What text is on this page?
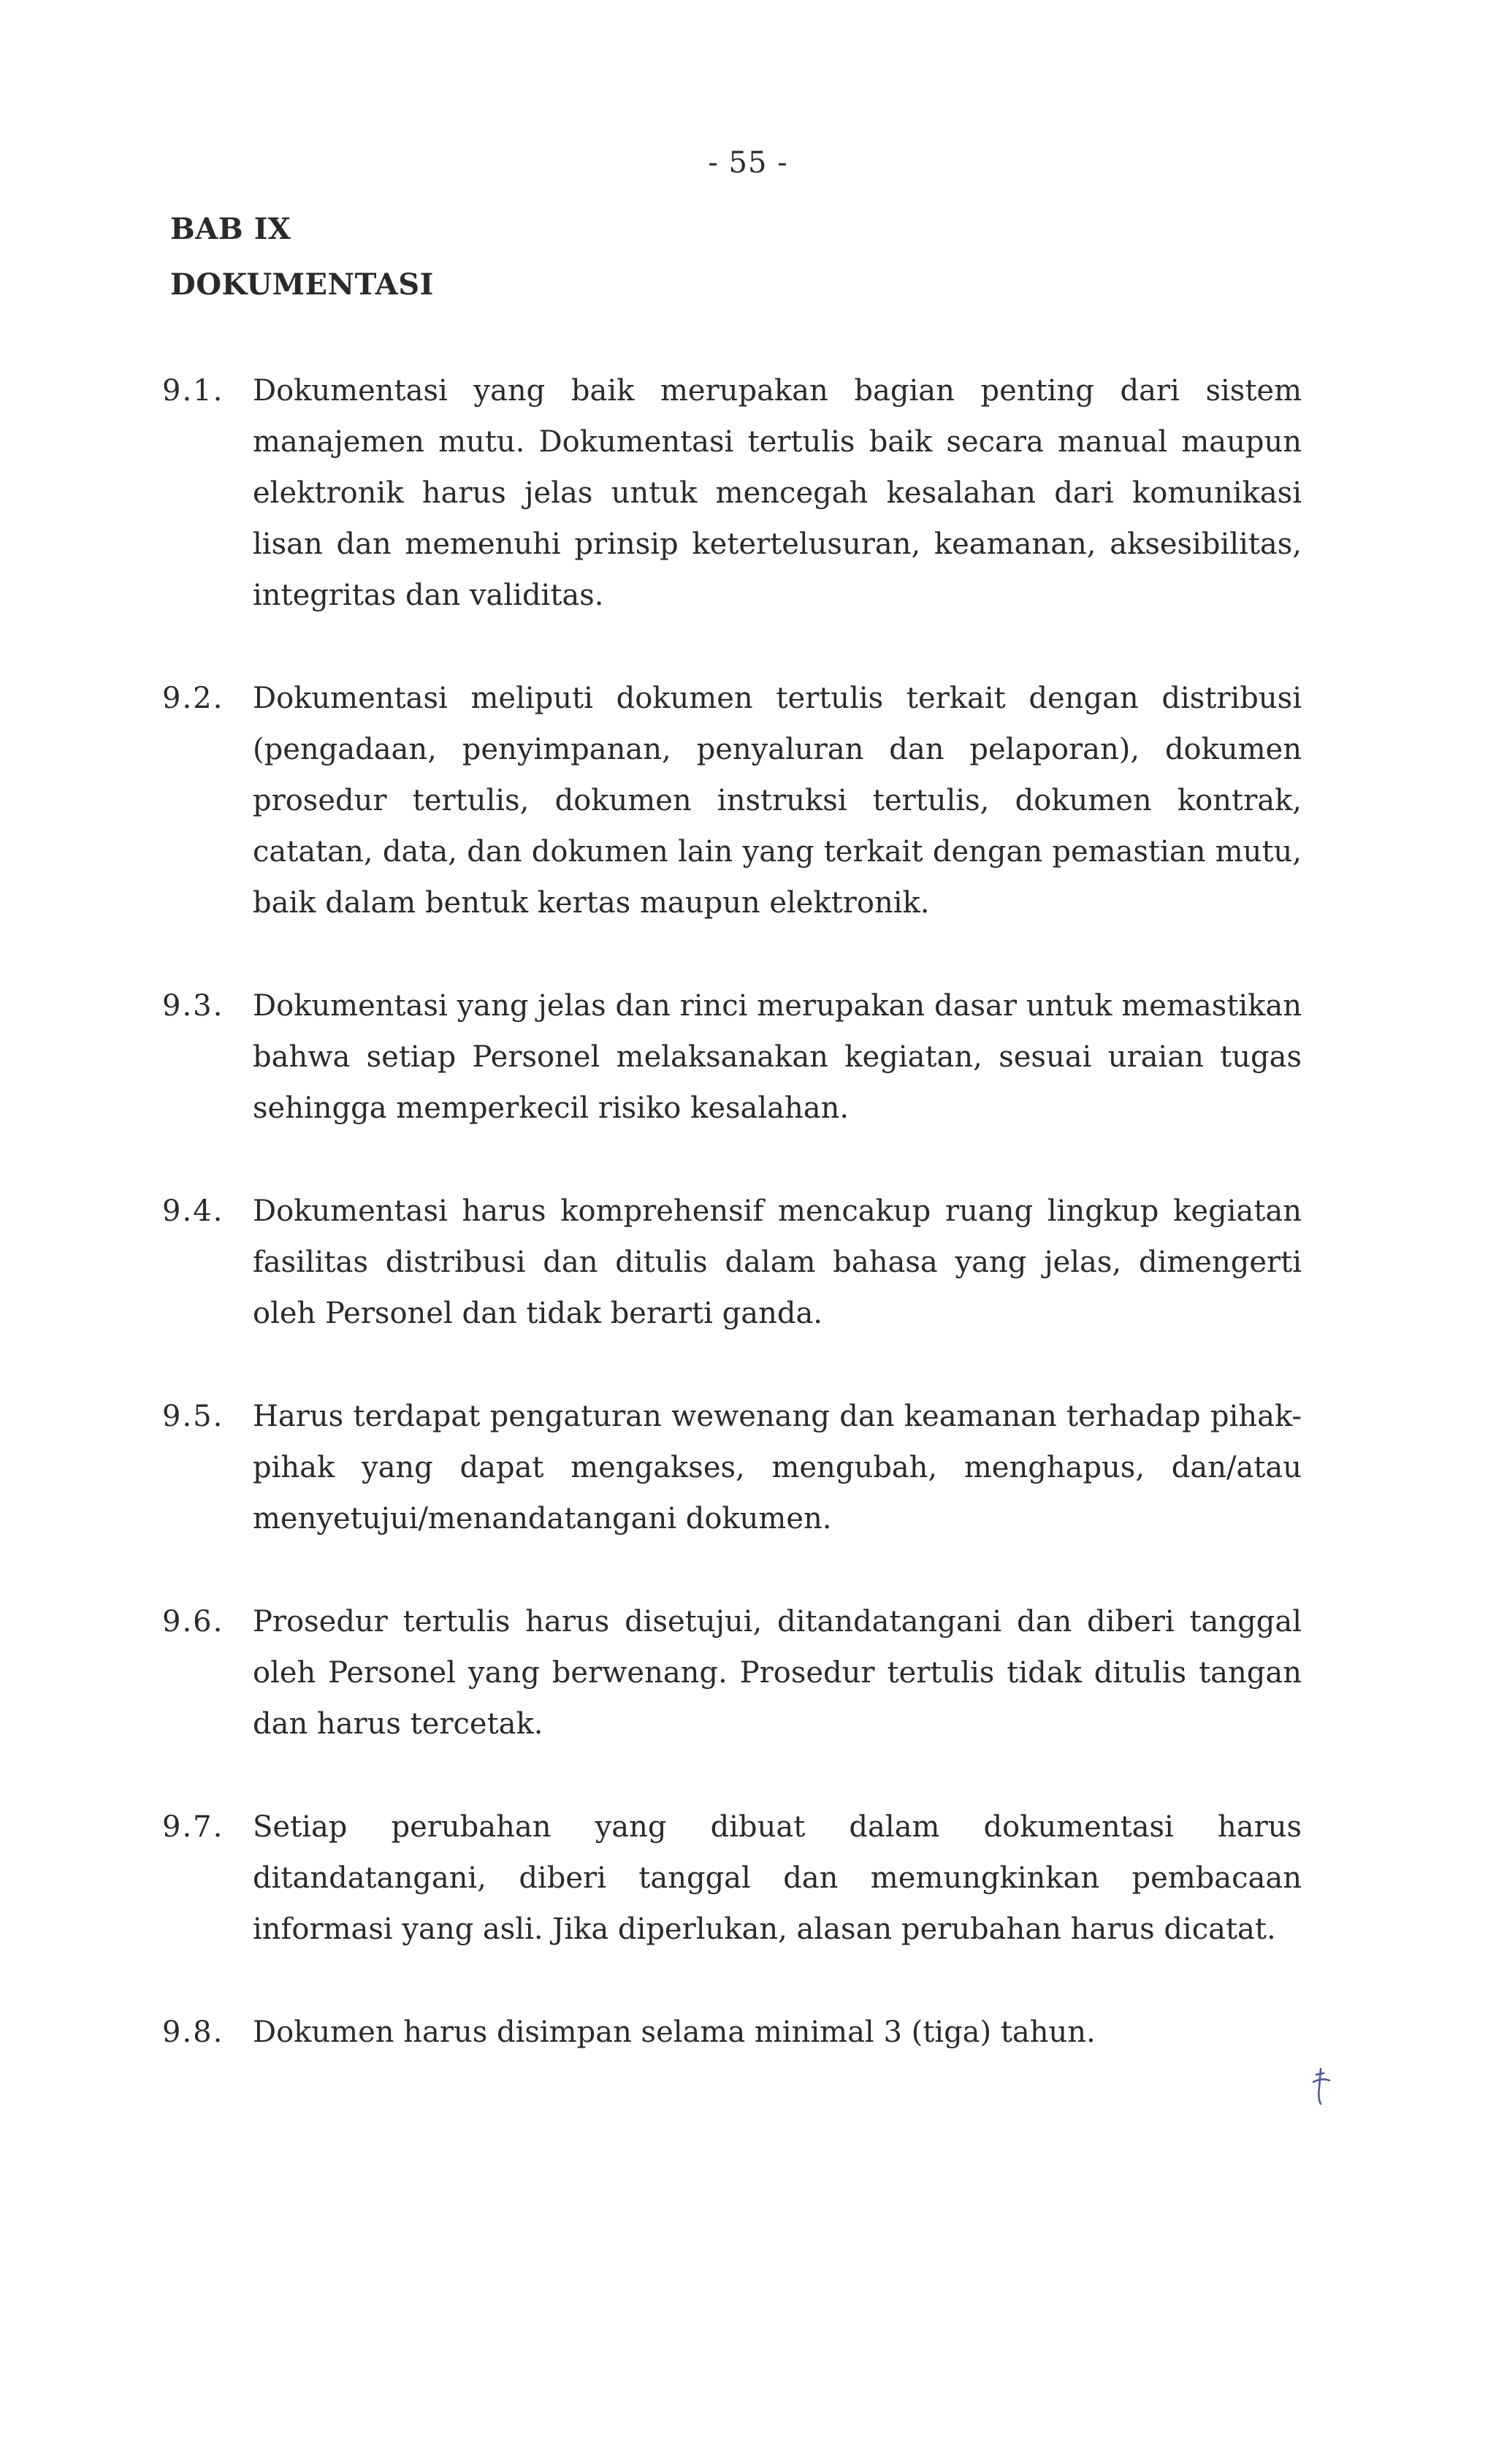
- 55 -
BAB IX
DOKUMENTASI
9.1. Dokumentasi yang baik merupakan bagian penting dari sistem manajemen mutu. Dokumentasi tertulis baik secara manual maupun elektronik harus jelas untuk mencegah kesalahan dari komunikasi lisan dan memenuhi prinsip ketertelusuran, keamanan, aksesibilitas, integritas dan validitas.
9.2. Dokumentasi meliputi dokumen tertulis terkait dengan distribusi (pengadaan, penyimpanan, penyaluran dan pelaporan), dokumen prosedur tertulis, dokumen instruksi tertulis, dokumen kontrak, catatan, data, dan dokumen lain yang terkait dengan pemastian mutu, baik dalam bentuk kertas maupun elektronik.
9.3. Dokumentasi yang jelas dan rinci merupakan dasar untuk memastikan bahwa setiap Personel melaksanakan kegiatan, sesuai uraian tugas sehingga memperkecil risiko kesalahan.
9.4. Dokumentasi harus komprehensif mencakup ruang lingkup kegiatan fasilitas distribusi dan ditulis dalam bahasa yang jelas, dimengerti oleh Personel dan tidak berarti ganda.
9.5. Harus terdapat pengaturan wewenang dan keamanan terhadap pihak-pihak yang dapat mengakses, mengubah, menghapus, dan/atau menyetujui/menandatangani dokumen.
9.6. Prosedur tertulis harus disetujui, ditandatangani dan diberi tanggal oleh Personel yang berwenang. Prosedur tertulis tidak ditulis tangan dan harus tercetak.
9.7. Setiap perubahan yang dibuat dalam dokumentasi harus ditandatangani, diberi tanggal dan memungkinkan pembacaan informasi yang asli. Jika diperlukan, alasan perubahan harus dicatat.
9.8. Dokumen harus disimpan selama minimal 3 (tiga) tahun.
